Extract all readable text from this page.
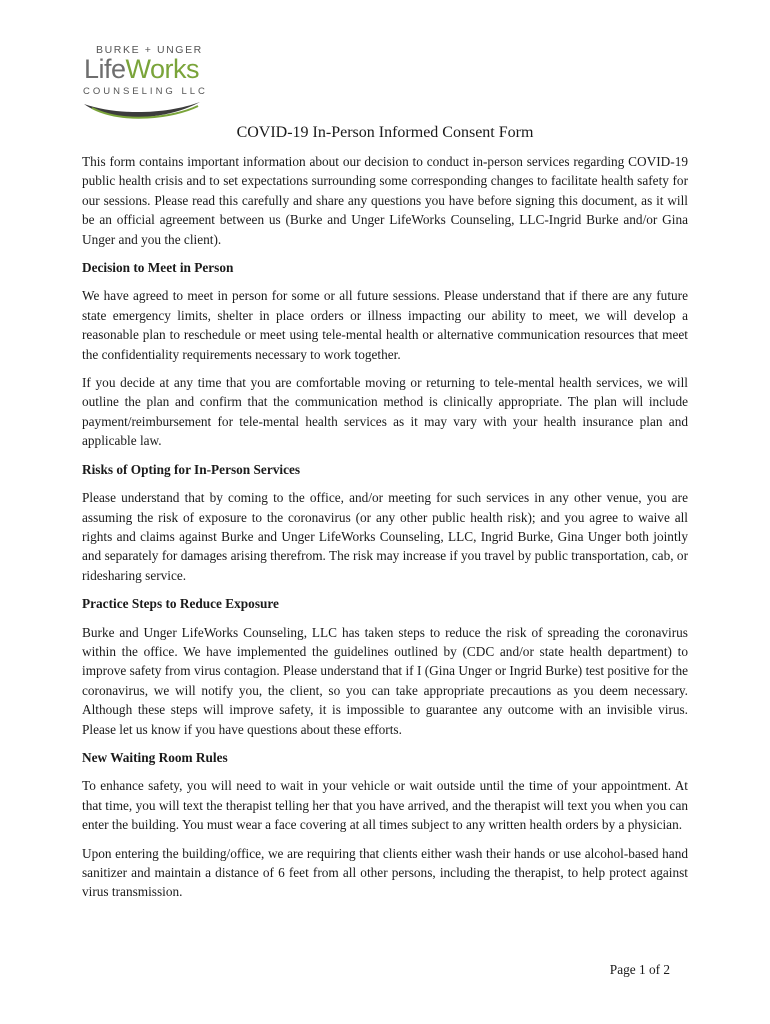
BURKE + UNGER
LifeWorks
COUNSELING LLC
COVID-19 In-Person Informed Consent Form

This form contains important information about our decision to conduct in-person services regarding COVID-19 public health crisis and to set expectations surrounding some corresponding changes to facilitate health safety for our sessions. Please read this carefully and share any questions you have before signing this document, as it will be an official agreement between us (Burke and Unger LifeWorks Counseling, LLC-Ingrid Burke and/or Gina Unger and you the client).

Decision to Meet in Person

We have agreed to meet in person for some or all future sessions. Please understand that if there are any future state emergency limits, shelter in place orders or illness impacting our ability to meet, we will develop a reasonable plan to reschedule or meet using tele-mental health or alternative communication resources that meet the confidentiality requirements necessary to work together.

If you decide at any time that you are comfortable moving or returning to tele-mental health services, we will outline the plan and confirm that the communication method is clinically appropriate. The plan will include payment/reimbursement for tele-mental health services as it may vary with your health insurance plan and applicable law.

Risks of Opting for In-Person Services

Please understand that by coming to the office, and/or meeting for such services in any other venue, you are assuming the risk of exposure to the coronavirus (or any other public health risk); and you agree to waive all rights and claims against Burke and Unger LifeWorks Counseling, LLC, Ingrid Burke, Gina Unger both jointly and separately for damages arising therefrom. The risk may increase if you travel by public transportation, cab, or ridesharing service.

Practice Steps to Reduce Exposure

Burke and Unger LifeWorks Counseling, LLC has taken steps to reduce the risk of spreading the coronavirus within the office. We have implemented the guidelines outlined by (CDC and/or state health department) to improve safety from virus contagion. Please understand that if I (Gina Unger or Ingrid Burke) test positive for the coronavirus, we will notify you, the client, so you can take appropriate precautions as you deem necessary. Although these steps will improve safety, it is impossible to guarantee any outcome with an invisible virus. Please let us know if you have questions about these efforts.

New Waiting Room Rules

To enhance safety, you will need to wait in your vehicle or wait outside until the time of your appointment. At that time, you will text the therapist telling her that you have arrived, and the therapist will text you when you can enter the building. You must wear a face covering at all times subject to any written health orders by a physician.

Upon entering the building/office, we are requiring that clients either wash their hands or use alcohol-based hand sanitizer and maintain a distance of 6 feet from all other persons, including the therapist, to help protect against virus transmission.

Page 1 of 2
